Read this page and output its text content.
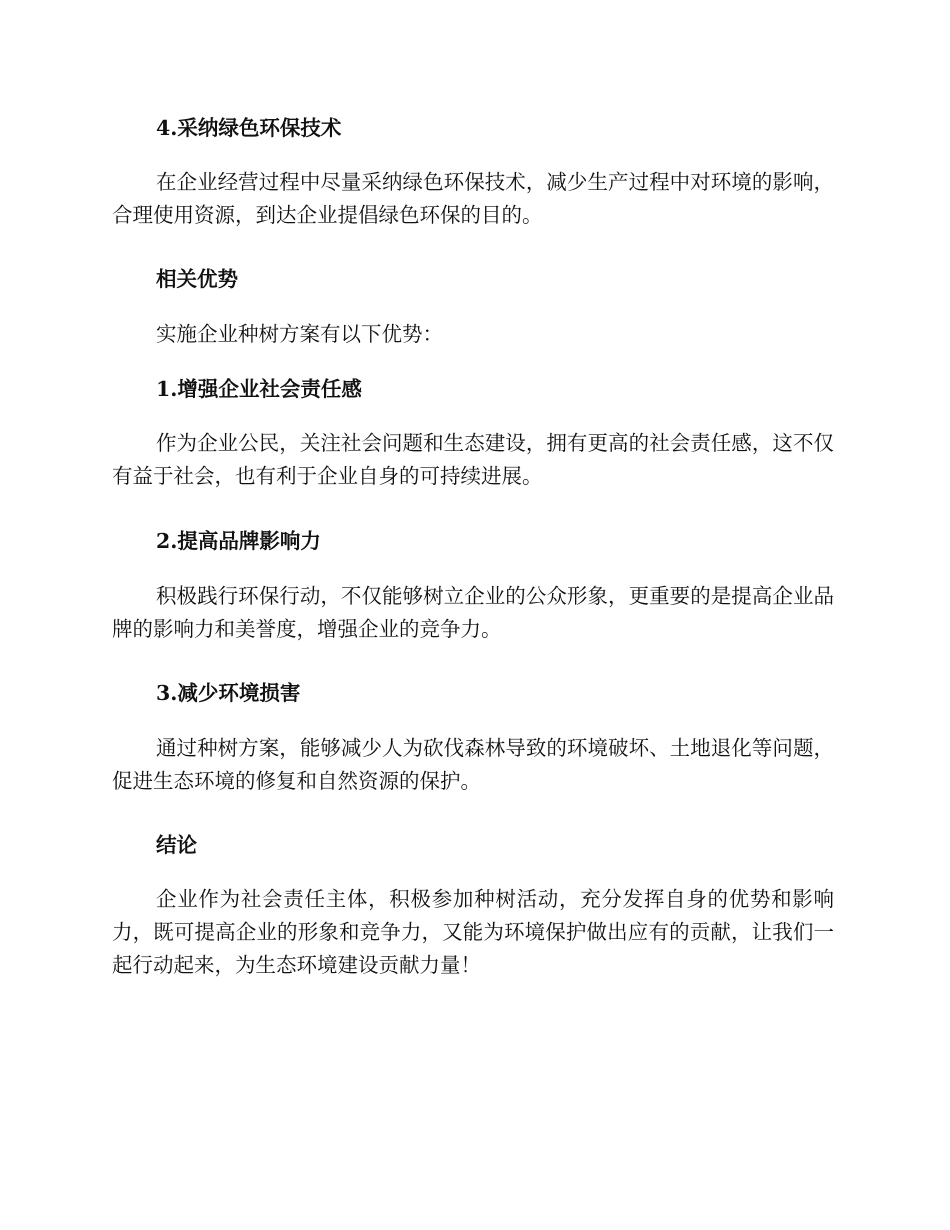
4.采纳绿色环保技术

在企业经营过程中尽量采纳绿色环保技术，减少生产过程中对环境的影响，合理使用资源，到达企业提倡绿色环保的目的。

相关优势

实施企业种树方案有以下优势：

1.增强企业社会责任感

作为企业公民，关注社会问题和生态建设，拥有更高的社会责任感，这不仅有益于社会，也有利于企业自身的可持续进展。

2.提高品牌影响力

积极践行环保行动，不仅能够树立企业的公众形象，更重要的是提高企业品牌的影响力和美誉度，增强企业的竞争力。

3.减少环境损害

通过种树方案，能够减少人为砍伐森林导致的环境破坏、土地退化等问题，促进生态环境的修复和自然资源的保护。

结论

企业作为社会责任主体，积极参加种树活动，充分发挥自身的优势和影响力，既可提高企业的形象和竞争力，又能为环境保护做出应有的贡献，让我们一起行动起来，为生态环境建设贡献力量！
